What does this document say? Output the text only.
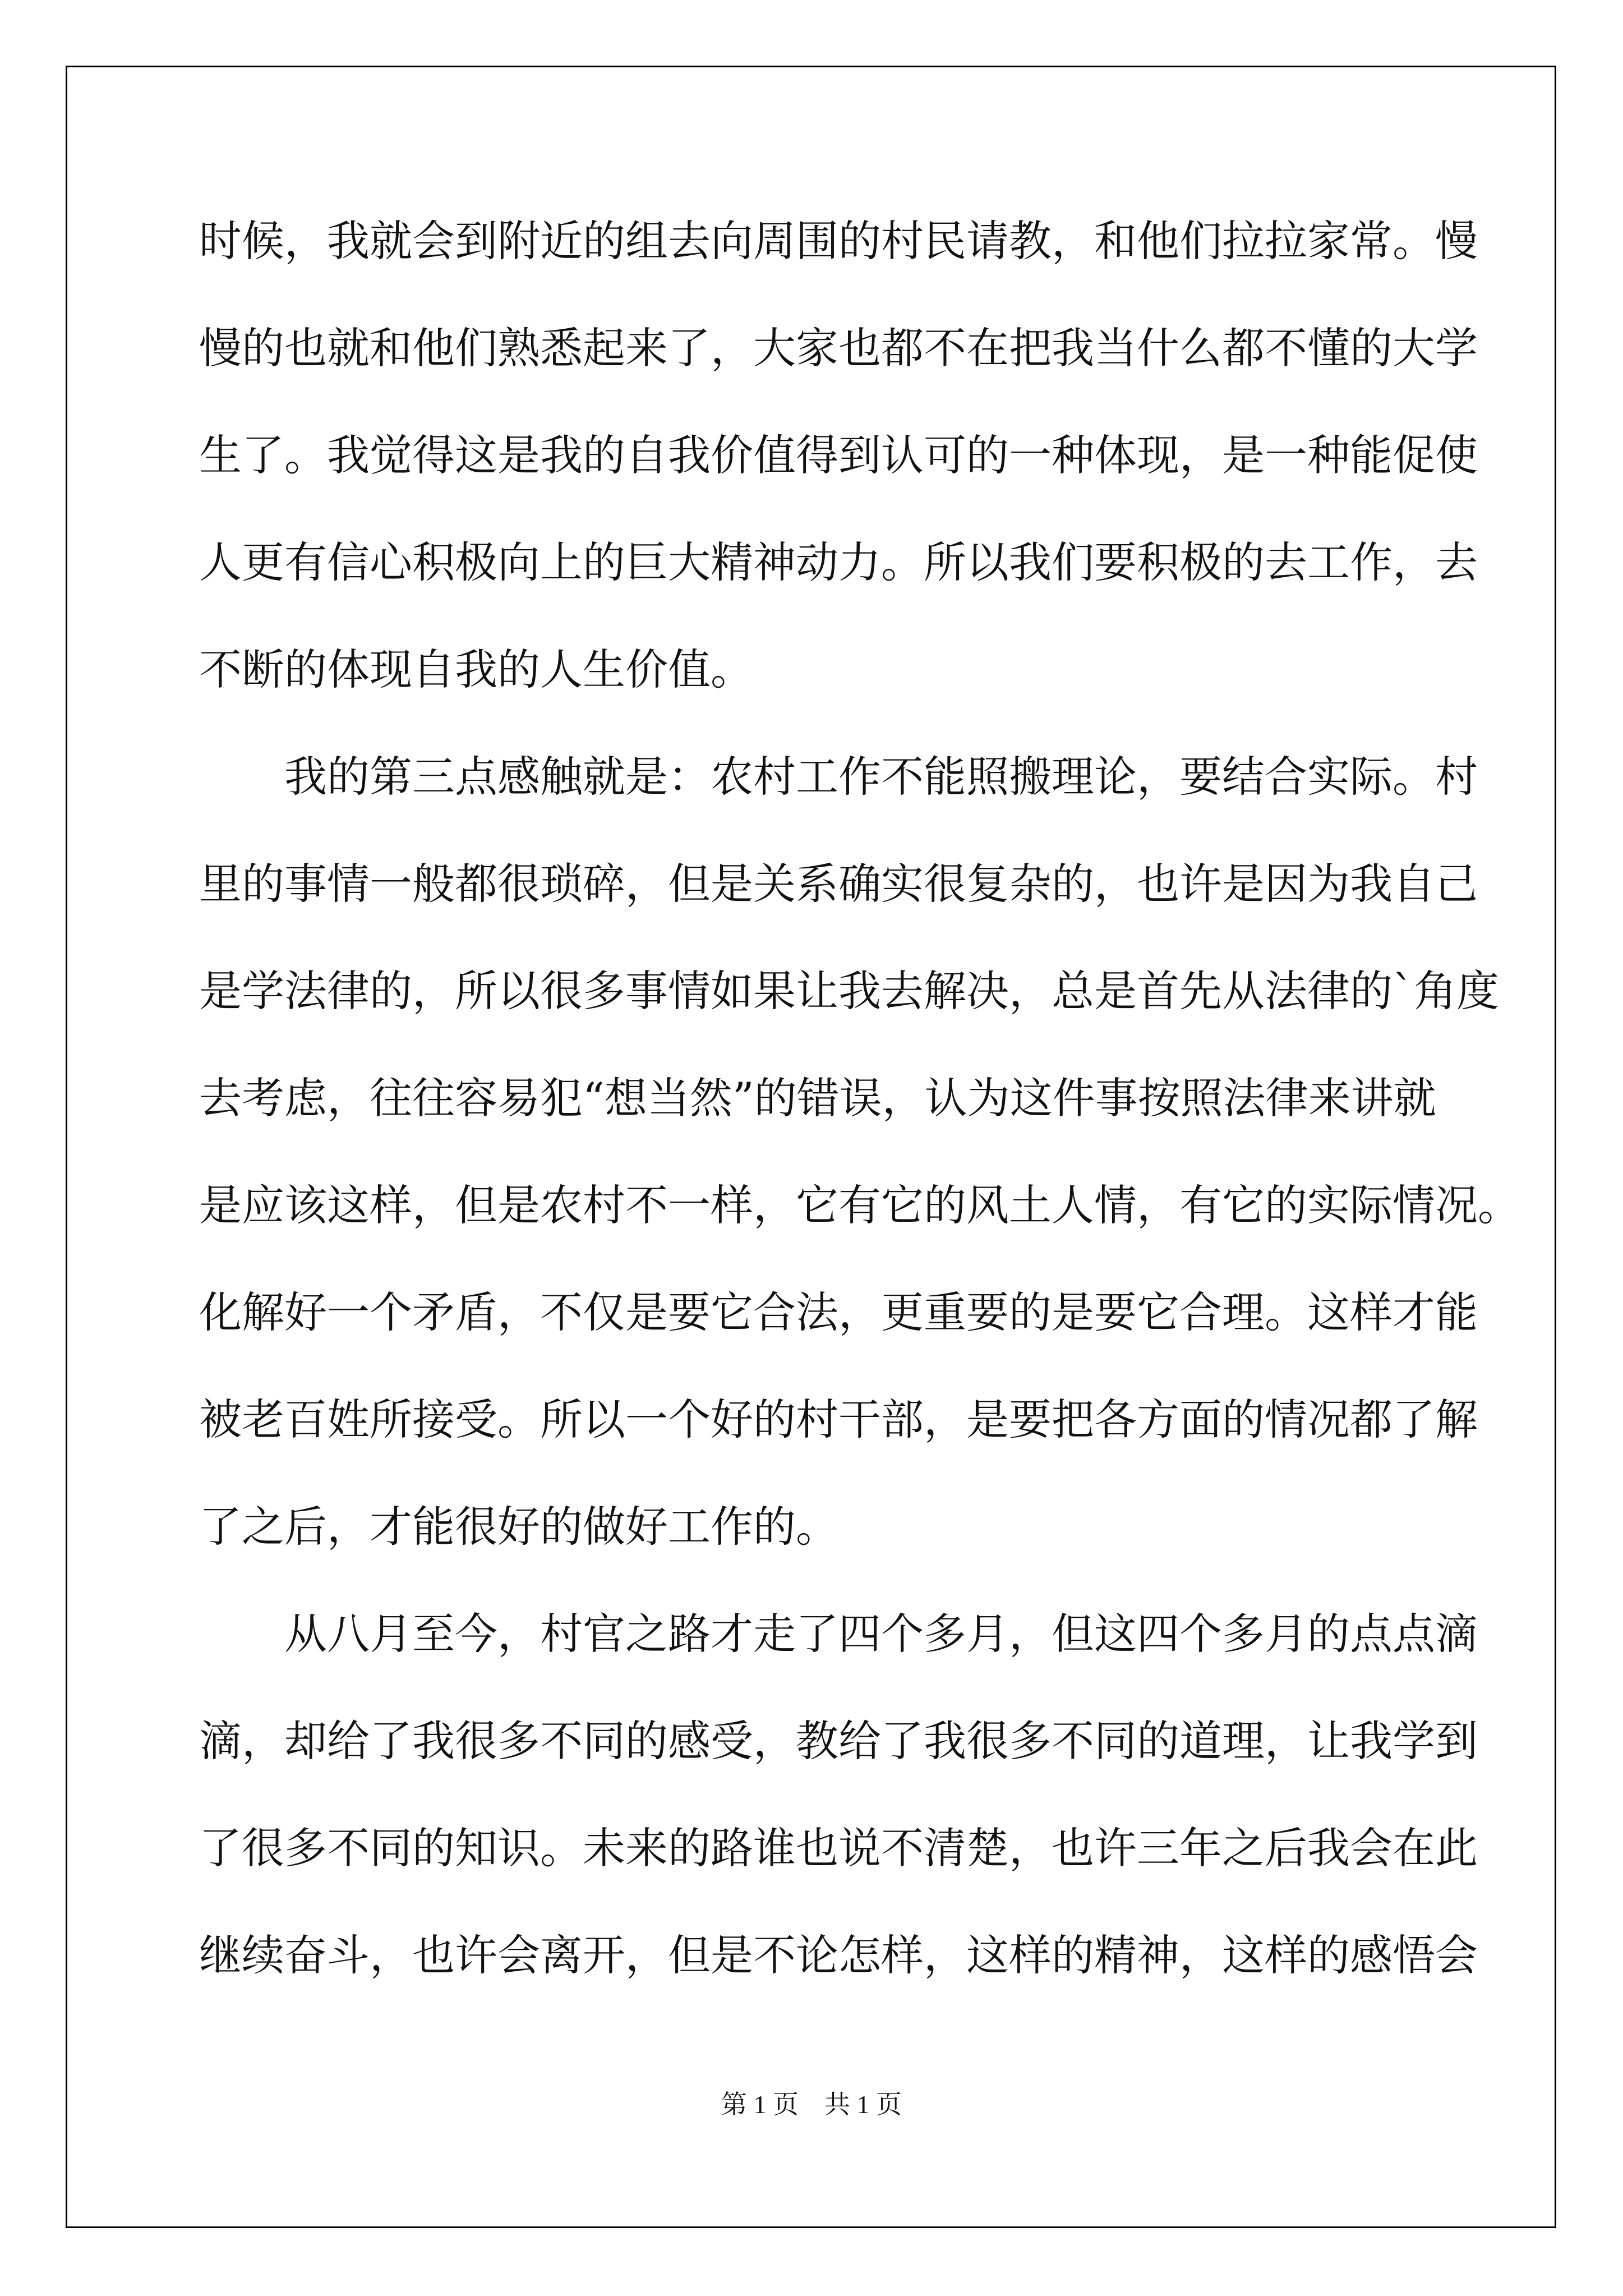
时候，我就会到附近的组去向周围的村民请教，和他们拉拉家常。慢
慢的也就和他们熟悉起来了，大家也都不在把我当什么都不懂的大学
生了。我觉得这是我的自我价值得到认可的一种体现，是一种能促使
人更有信心积极向上的巨大精神动力。所以我们要积极的去工作，去
不断的体现自我的人生价值。
　　我的第三点感触就是：农村工作不能照搬理论，要结合实际。村
里的事情一般都很琐碎，但是关系确实很复杂的，也许是因为我自己
是学法律的，所以很多事情如果让我去解决，总是首先从法律的`角度
去考虑，往往容易犯“想当然”的错误，认为这件事按照法律来讲就
是应该这样，但是农村不一样，它有它的风土人情，有它的实际情况。
化解好一个矛盾，不仅是要它合法，更重要的是要它合理。这样才能
被老百姓所接受。所以一个好的村干部，是要把各方面的情况都了解
了之后，才能很好的做好工作的。
　　从八月至今，村官之路才走了四个多月，但这四个多月的点点滴
滴，却给了我很多不同的感受，教给了我很多不同的道理，让我学到
了很多不同的知识。未来的路谁也说不清楚，也许三年之后我会在此
继续奋斗，也许会离开，但是不论怎样，这样的精神，这样的感悟会
第 1 页    共 1 页
